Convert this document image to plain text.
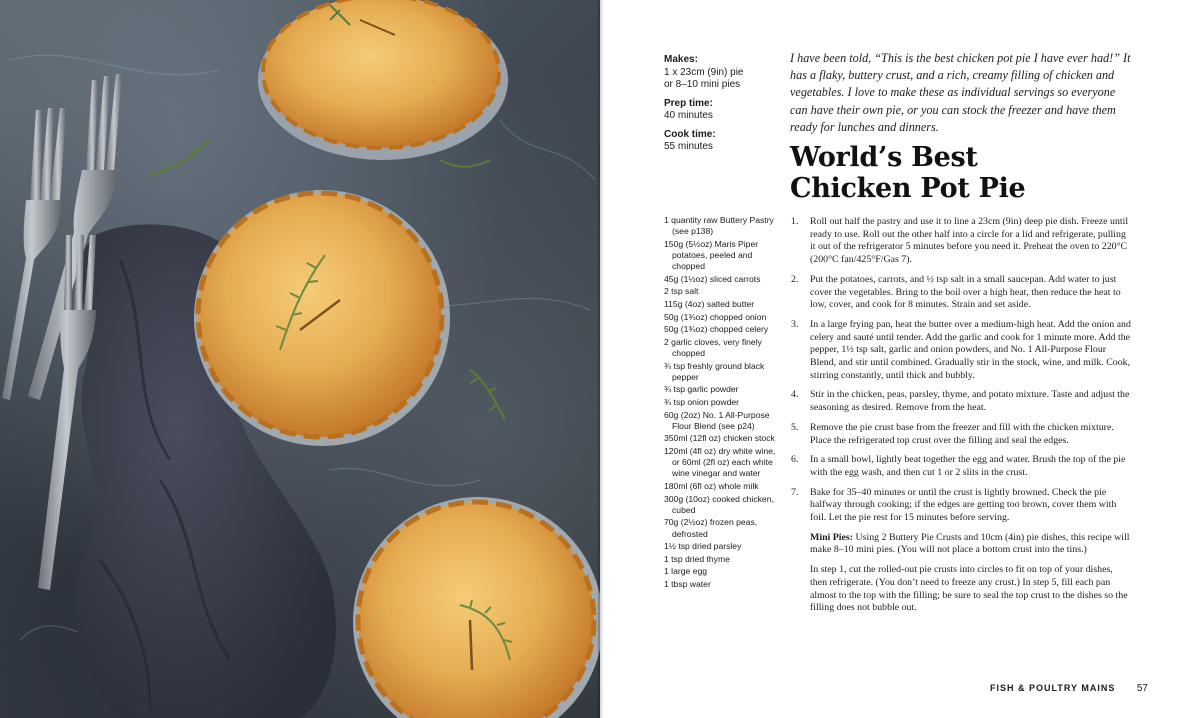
Makes:
1 x 23cm (9in) pie
or 8–10 mini pies
Prep time:
40 minutes
Cook time:
55 minutes

I have been told, “This is the best chicken pot pie I have ever had!” It has a flaky, buttery crust, and a rich, creamy filling of chicken and vegetables. I love to make these as individual servings so everyone can have their own pie, or you can stock the freezer and have them ready for lunches and dinners.

World’s Best
Chicken Pot Pie
1 quantity raw Buttery Pastry (see p138)
150g (5½oz) Maris Piper potatoes, peeled and chopped
45g (1½oz) sliced carrots
2 tsp salt
115g (4oz) salted butter
50g (1¾oz) chopped onion
50g (1¾oz) chopped celery
2 garlic cloves, very finely chopped
¾ tsp freshly ground black pepper
¾ tsp garlic powder
¾ tsp onion powder
60g (2oz) No. 1 All-Purpose Flour Blend (see p24)
350ml (12fl oz) chicken stock
120ml (4fl oz) dry white wine, or 60ml (2fl oz) each white wine vinegar and water
180ml (6fl oz) whole milk
300g (10oz) cooked chicken, cubed
70g (2½oz) frozen peas, defrosted
1½ tsp dried parsley
1 tsp dried thyme
1 large egg
1 tbsp water
1. Roll out half the pastry and use it to line a 23cm (9in) deep pie dish. Freeze until ready to use. Roll out the other half into a circle for a lid and refrigerate, pulling it out of the refrigerator 5 minutes before you need it. Preheat the oven to 220°C (200°C fan/425°F/Gas 7).
2. Put the potatoes, carrots, and ½ tsp salt in a small saucepan. Add water to just cover the vegetables. Bring to the boil over a high heat, then reduce the heat to low, cover, and cook for 8 minutes. Strain and set aside.
3. In a large frying pan, heat the butter over a medium-high heat. Add the onion and celery and sauté until tender. Add the garlic and cook for 1 minute more. Add the pepper, 1½ tsp salt, garlic and onion powders, and No. 1 All-Purpose Flour Blend, and stir until combined. Gradually stir in the stock, wine, and milk. Cook, stirring constantly, until thick and bubbly.
4. Stir in the chicken, peas, parsley, thyme, and potato mixture. Taste and adjust the seasoning as desired. Remove from the heat.
5. Remove the pie crust base from the freezer and fill with the chicken mixture. Place the refrigerated top crust over the filling and seal the edges.
6. In a small bowl, lightly beat together the egg and water. Brush the top of the pie with the egg wash, and then cut 1 or 2 slits in the crust.
7. Bake for 35–40 minutes or until the crust is lightly browned. Check the pie halfway through cooking; if the edges are getting too brown, cover them with foil. Let the pie rest for 15 minutes before serving.
Mini Pies: Using 2 Buttery Pie Crusts and 10cm (4in) pie dishes, this recipe will make 8–10 mini pies. (You will not place a bottom crust into the tins.)
In step 1, cut the rolled-out pie crusts into circles to fit on top of your dishes, then refrigerate. (You don’t need to freeze any crust.) In step 5, fill each pan almost to the top with the filling; be sure to seal the top crust to the dishes so the filling does not bubble out.
FISH & POULTRY MAINS 57
